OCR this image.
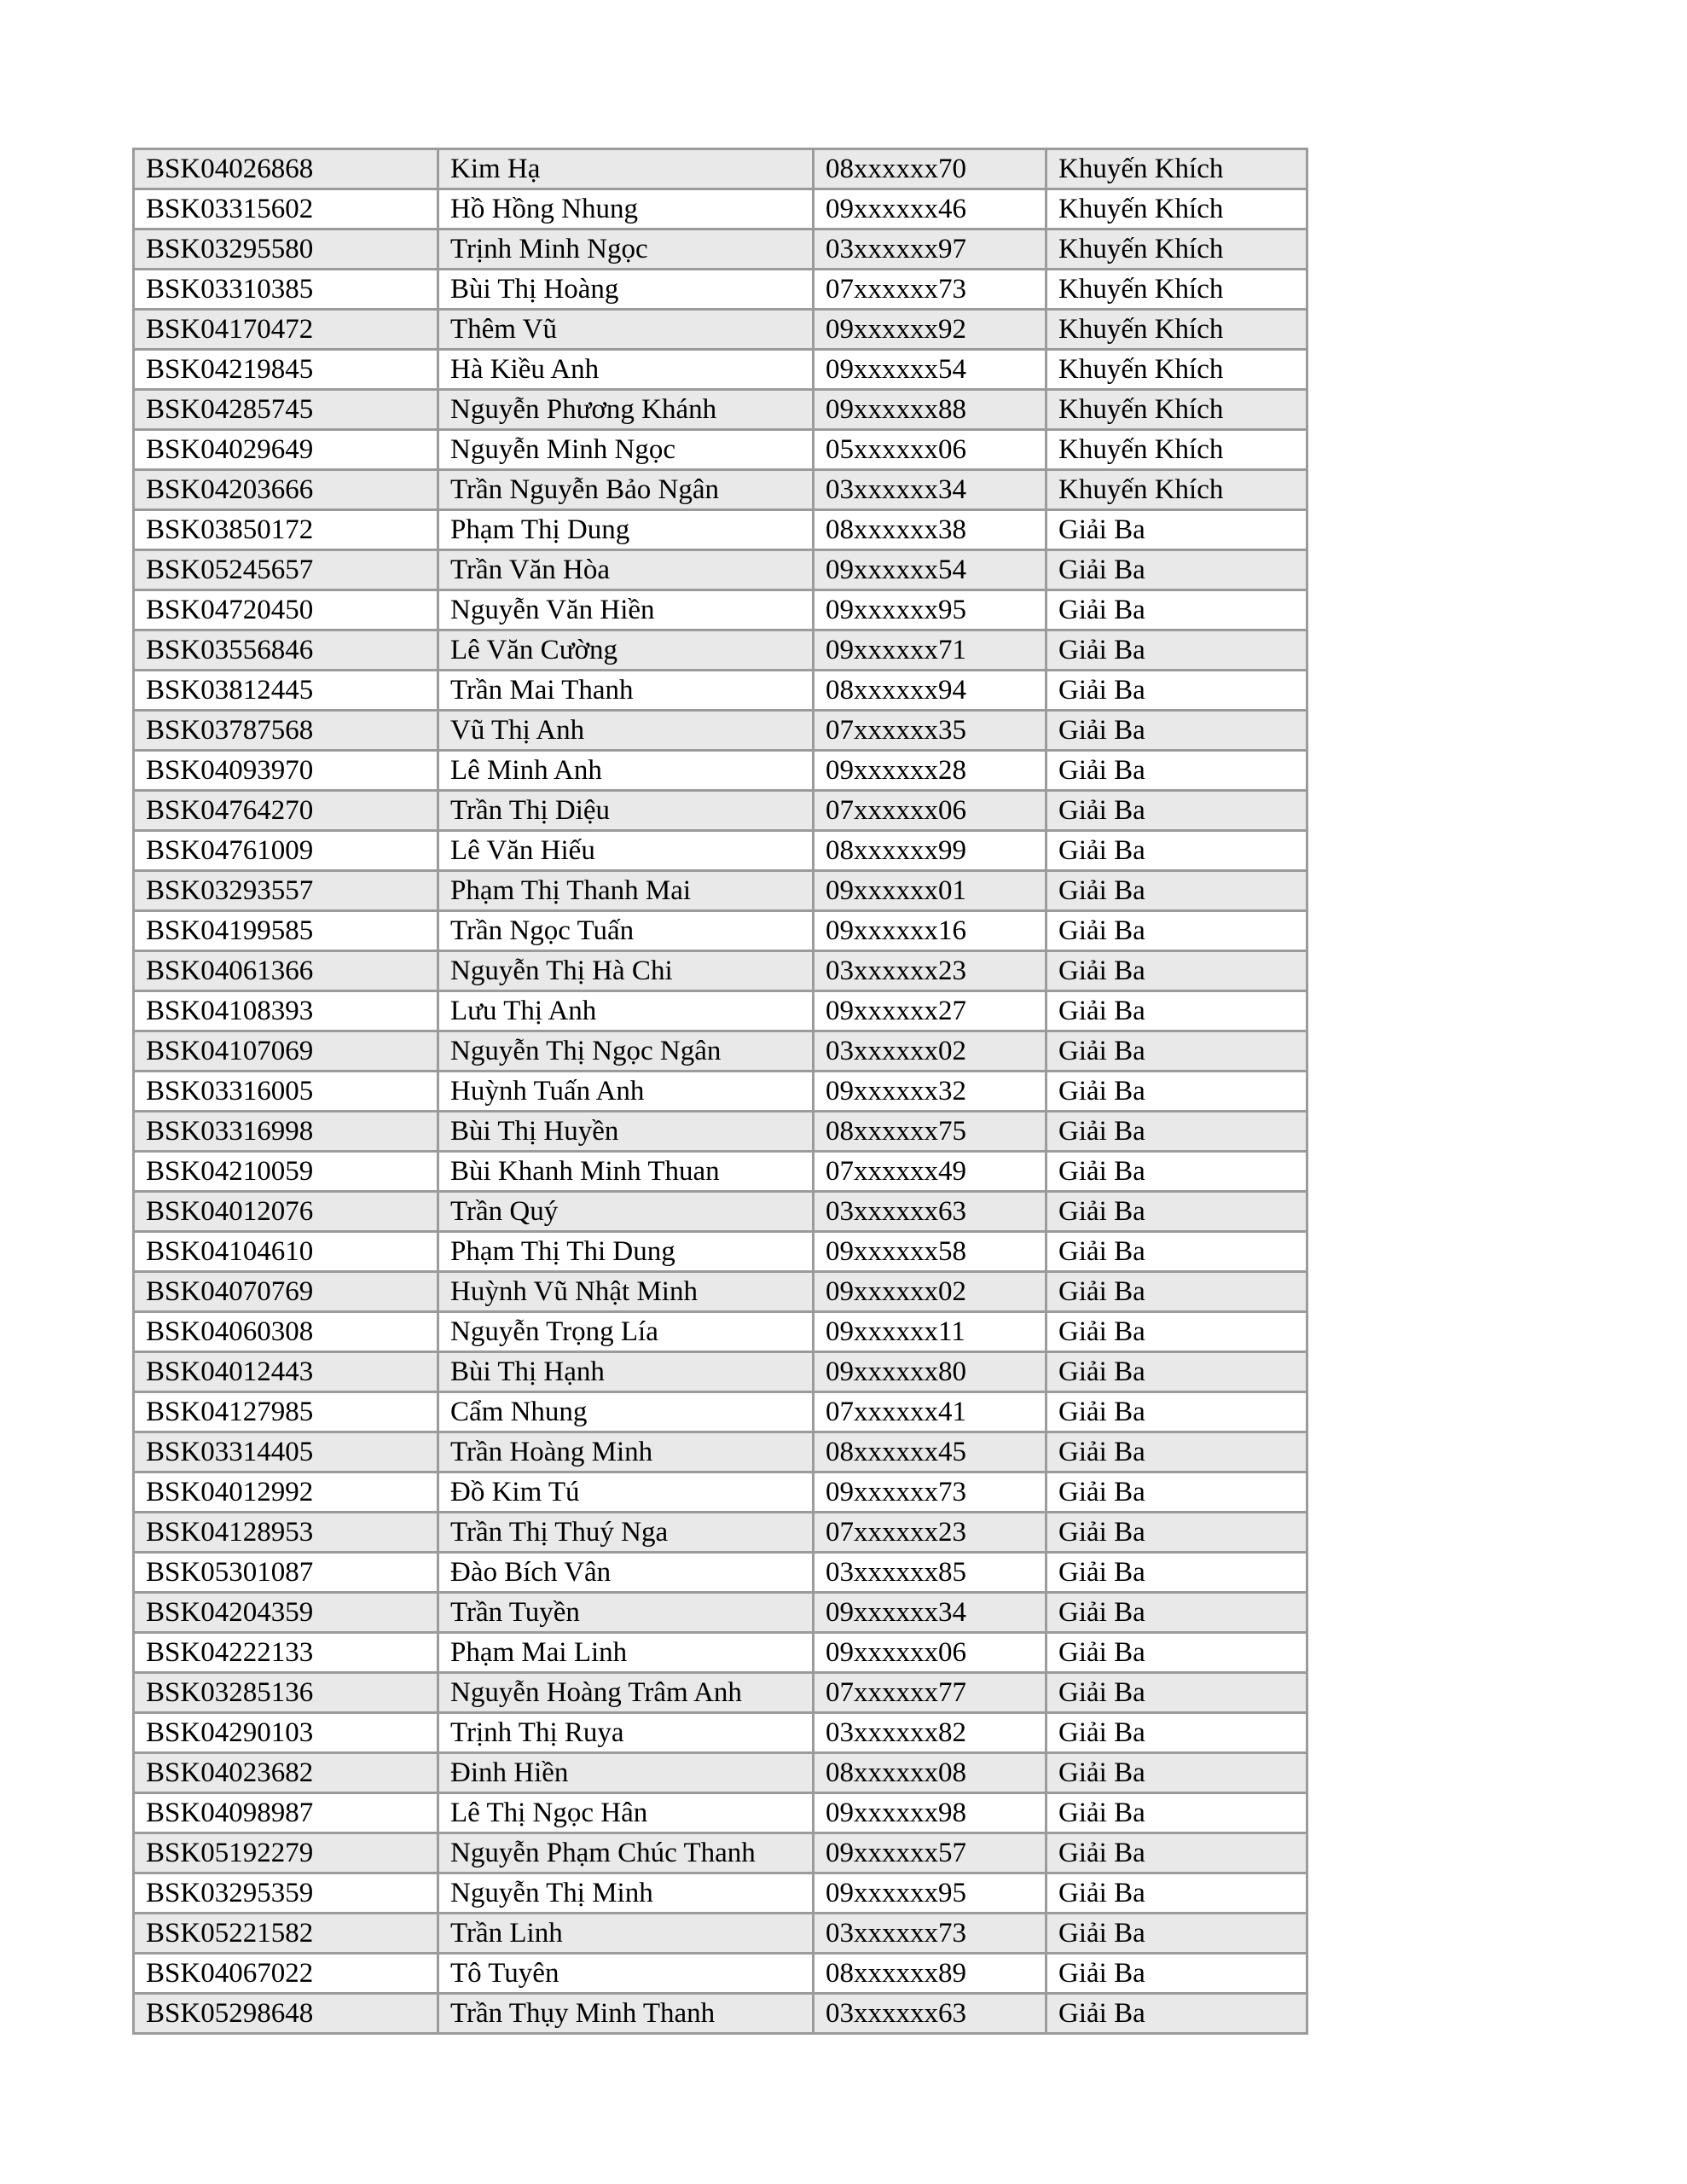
BSK04026868	Kim Hạ	08xxxxxx70	Khuyến Khích
BSK03315602	Hồ Hồng Nhung	09xxxxxx46	Khuyến Khích
BSK03295580	Trịnh Minh Ngọc	03xxxxxx97	Khuyến Khích
BSK03310385	Bùi Thị Hoàng	07xxxxxx73	Khuyến Khích
BSK04170472	Thêm Vũ	09xxxxxx92	Khuyến Khích
BSK04219845	Hà Kiều Anh	09xxxxxx54	Khuyến Khích
BSK04285745	Nguyễn Phương Khánh	09xxxxxx88	Khuyến Khích
BSK04029649	Nguyễn Minh Ngọc	05xxxxxx06	Khuyến Khích
BSK04203666	Trần Nguyễn Bảo Ngân	03xxxxxx34	Khuyến Khích
BSK03850172	Phạm Thị Dung	08xxxxxx38	Giải Ba
BSK05245657	Trần Văn Hòa	09xxxxxx54	Giải Ba
BSK04720450	Nguyễn Văn Hiền	09xxxxxx95	Giải Ba
BSK03556846	Lê Văn Cường	09xxxxxx71	Giải Ba
BSK03812445	Trần Mai Thanh	08xxxxxx94	Giải Ba
BSK03787568	Vũ Thị Anh	07xxxxxx35	Giải Ba
BSK04093970	Lê Minh Anh	09xxxxxx28	Giải Ba
BSK04764270	Trần Thị Diệu	07xxxxxx06	Giải Ba
BSK04761009	Lê Văn Hiếu	08xxxxxx99	Giải Ba
BSK03293557	Phạm Thị Thanh Mai	09xxxxxx01	Giải Ba
BSK04199585	Trần Ngọc Tuấn	09xxxxxx16	Giải Ba
BSK04061366	Nguyễn Thị Hà Chi	03xxxxxx23	Giải Ba
BSK04108393	Lưu Thị Anh	09xxxxxx27	Giải Ba
BSK04107069	Nguyễn Thị Ngọc Ngân	03xxxxxx02	Giải Ba
BSK03316005	Huỳnh Tuấn Anh	09xxxxxx32	Giải Ba
BSK03316998	Bùi Thị Huyền	08xxxxxx75	Giải Ba
BSK04210059	Bùi Khanh Minh Thuan	07xxxxxx49	Giải Ba
BSK04012076	Trần Quý	03xxxxxx63	Giải Ba
BSK04104610	Phạm Thị Thi Dung	09xxxxxx58	Giải Ba
BSK04070769	Huỳnh Vũ Nhật Minh	09xxxxxx02	Giải Ba
BSK04060308	Nguyễn Trọng Lía	09xxxxxx11	Giải Ba
BSK04012443	Bùi Thị Hạnh	09xxxxxx80	Giải Ba
BSK04127985	Cẩm Nhung	07xxxxxx41	Giải Ba
BSK03314405	Trần Hoàng Minh	08xxxxxx45	Giải Ba
BSK04012992	Đồ Kim Tú	09xxxxxx73	Giải Ba
BSK04128953	Trần Thị Thuý Nga	07xxxxxx23	Giải Ba
BSK05301087	Đào Bích Vân	03xxxxxx85	Giải Ba
BSK04204359	Trần Tuyền	09xxxxxx34	Giải Ba
BSK04222133	Phạm Mai Linh	09xxxxxx06	Giải Ba
BSK03285136	Nguyễn Hoàng Trâm Anh	07xxxxxx77	Giải Ba
BSK04290103	Trịnh Thị Ruya	03xxxxxx82	Giải Ba
BSK04023682	Đinh Hiền	08xxxxxx08	Giải Ba
BSK04098987	Lê Thị Ngọc Hân	09xxxxxx98	Giải Ba
BSK05192279	Nguyễn Phạm Chúc Thanh	09xxxxxx57	Giải Ba
BSK03295359	Nguyễn Thị Minh	09xxxxxx95	Giải Ba
BSK05221582	Trần Linh	03xxxxxx73	Giải Ba
BSK04067022	Tô Tuyên	08xxxxxx89	Giải Ba
BSK05298648	Trần Thụy Minh Thanh	03xxxxxx63	Giải Ba
